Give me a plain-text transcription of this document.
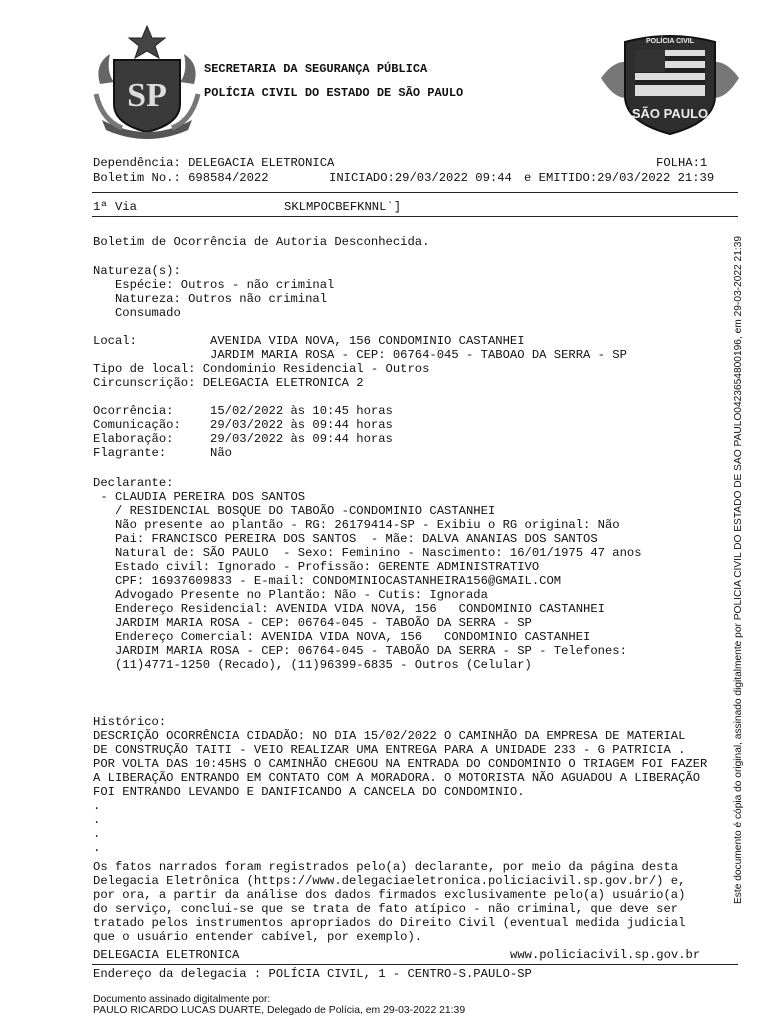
SP
SECRETARIA DA SEGURANÇA PÚBLICA
POLÍCIA CIVIL DO ESTADO DE SÃO PAULO
POLÍCIA CIVIL
SÃO PAULO
Dependência: DELEGACIA ELETRONICA	FOLHA:1
Boletim No.: 698584/2022	INICIADO:29/03/2022 09:44 e EMITIDO:29/03/2022 21:39
1ª Via	SKLMPOCBEFKNNL`]
Boletim de Ocorrência de Autoria Desconhecida.
Natureza(s):
Espécie: Outros - não criminal
Natureza: Outros não criminal
Consumado
Local:          AVENIDA VIDA NOVA, 156 CONDOMINIO CASTANHEI
JARDIM MARIA ROSA - CEP: 06764-045 - TABOAO DA SERRA - SP
Tipo de local: Condominio Residencial - Outros
Circunscrição: DELEGACIA ELETRONICA 2
Ocorrência:     15/02/2022 às 10:45 horas
Comunicação:    29/03/2022 às 09:44 horas
Elaboração:     29/03/2022 às 09:44 horas
Flagrante:      Não
Declarante:
- CLAUDIA PEREIRA DOS SANTOS
/ RESIDENCIAL BOSQUE DO TABOÃO -CONDOMINIO CASTANHEI
Não presente ao plantão - RG: 26179414-SP - Exibiu o RG original: Não
Pai: FRANCISCO PEREIRA DOS SANTOS  - Mãe: DALVA ANANIAS DOS SANTOS
Natural de: SÃO PAULO  - Sexo: Feminino - Nascimento: 16/01/1975 47 anos
Estado civil: Ignorado - Profissão: GERENTE ADMINISTRATIVO
CPF: 16937609833 - E-mail: CONDOMINIOCASTANHEIRA156@GMAIL.COM
Advogado Presente no Plantão: Não - Cutis: Ignorada
Endereço Residencial: AVENIDA VIDA NOVA, 156   CONDOMINIO CASTANHEI
JARDIM MARIA ROSA - CEP: 06764-045 - TABOÃO DA SERRA - SP
Endereço Comercial: AVENIDA VIDA NOVA, 156   CONDOMINIO CASTANHEI
JARDIM MARIA ROSA - CEP: 06764-045 - TABOÃO DA SERRA - SP - Telefones:
(11)4771-1250 (Recado), (11)96399-6835 - Outros (Celular)
Histórico:
DESCRIÇÃO OCORRÊNCIA CIDADÃO: NO DIA 15/02/2022 O CAMINHÃO DA EMPRESA DE MATERIAL
DE CONSTRUÇÃO TAITI - VEIO REALIZAR UMA ENTREGA PARA A UNIDADE 233 - G PATRICIA .
POR VOLTA DAS 10:45HS O CAMINHÃO CHEGOU NA ENTRADA DO CONDOMINIO O TRIAGEM FOI FAZER
A LIBERAÇÃO ENTRANDO EM CONTATO COM A MORADORA. O MOTORISTA NÃO AGUADOU A LIBERAÇÃO
FOI ENTRANDO LEVANDO E DANIFICANDO A CANCELA DO CONDOMINIO.
.
.
.
.
Os fatos narrados foram registrados pelo(a) declarante, por meio da página desta
Delegacia Eletrônica (https://www.delegaciaeletronica.policiacivil.sp.gov.br/) e,
por ora, a partir da análise dos dados firmados exclusivamente pelo(a) usuário(a)
do serviço, conclui-se que se trata de fato atípico - não criminal, que deve ser
tratado pelos instrumentos apropriados do Direito Civil (eventual medida judicial
que o usuário entender cabível, por exemplo).
DELEGACIA ELETRONICA	www.policiacivil.sp.gov.br
Endereço da delegacia : POLÍCIA CIVIL, 1 - CENTRO-S.PAULO-SP
Documento assinado digitalmente por:
PAULO RICARDO LUCAS DUARTE, Delegado de Polícia, em 29-03-2022 21:39
Este documento é cópia do original, assinado digitalmente por POLICIA CIVIL DO ESTADO DE SAO PAULO0423654800196, em 29-03-2022 21:39
